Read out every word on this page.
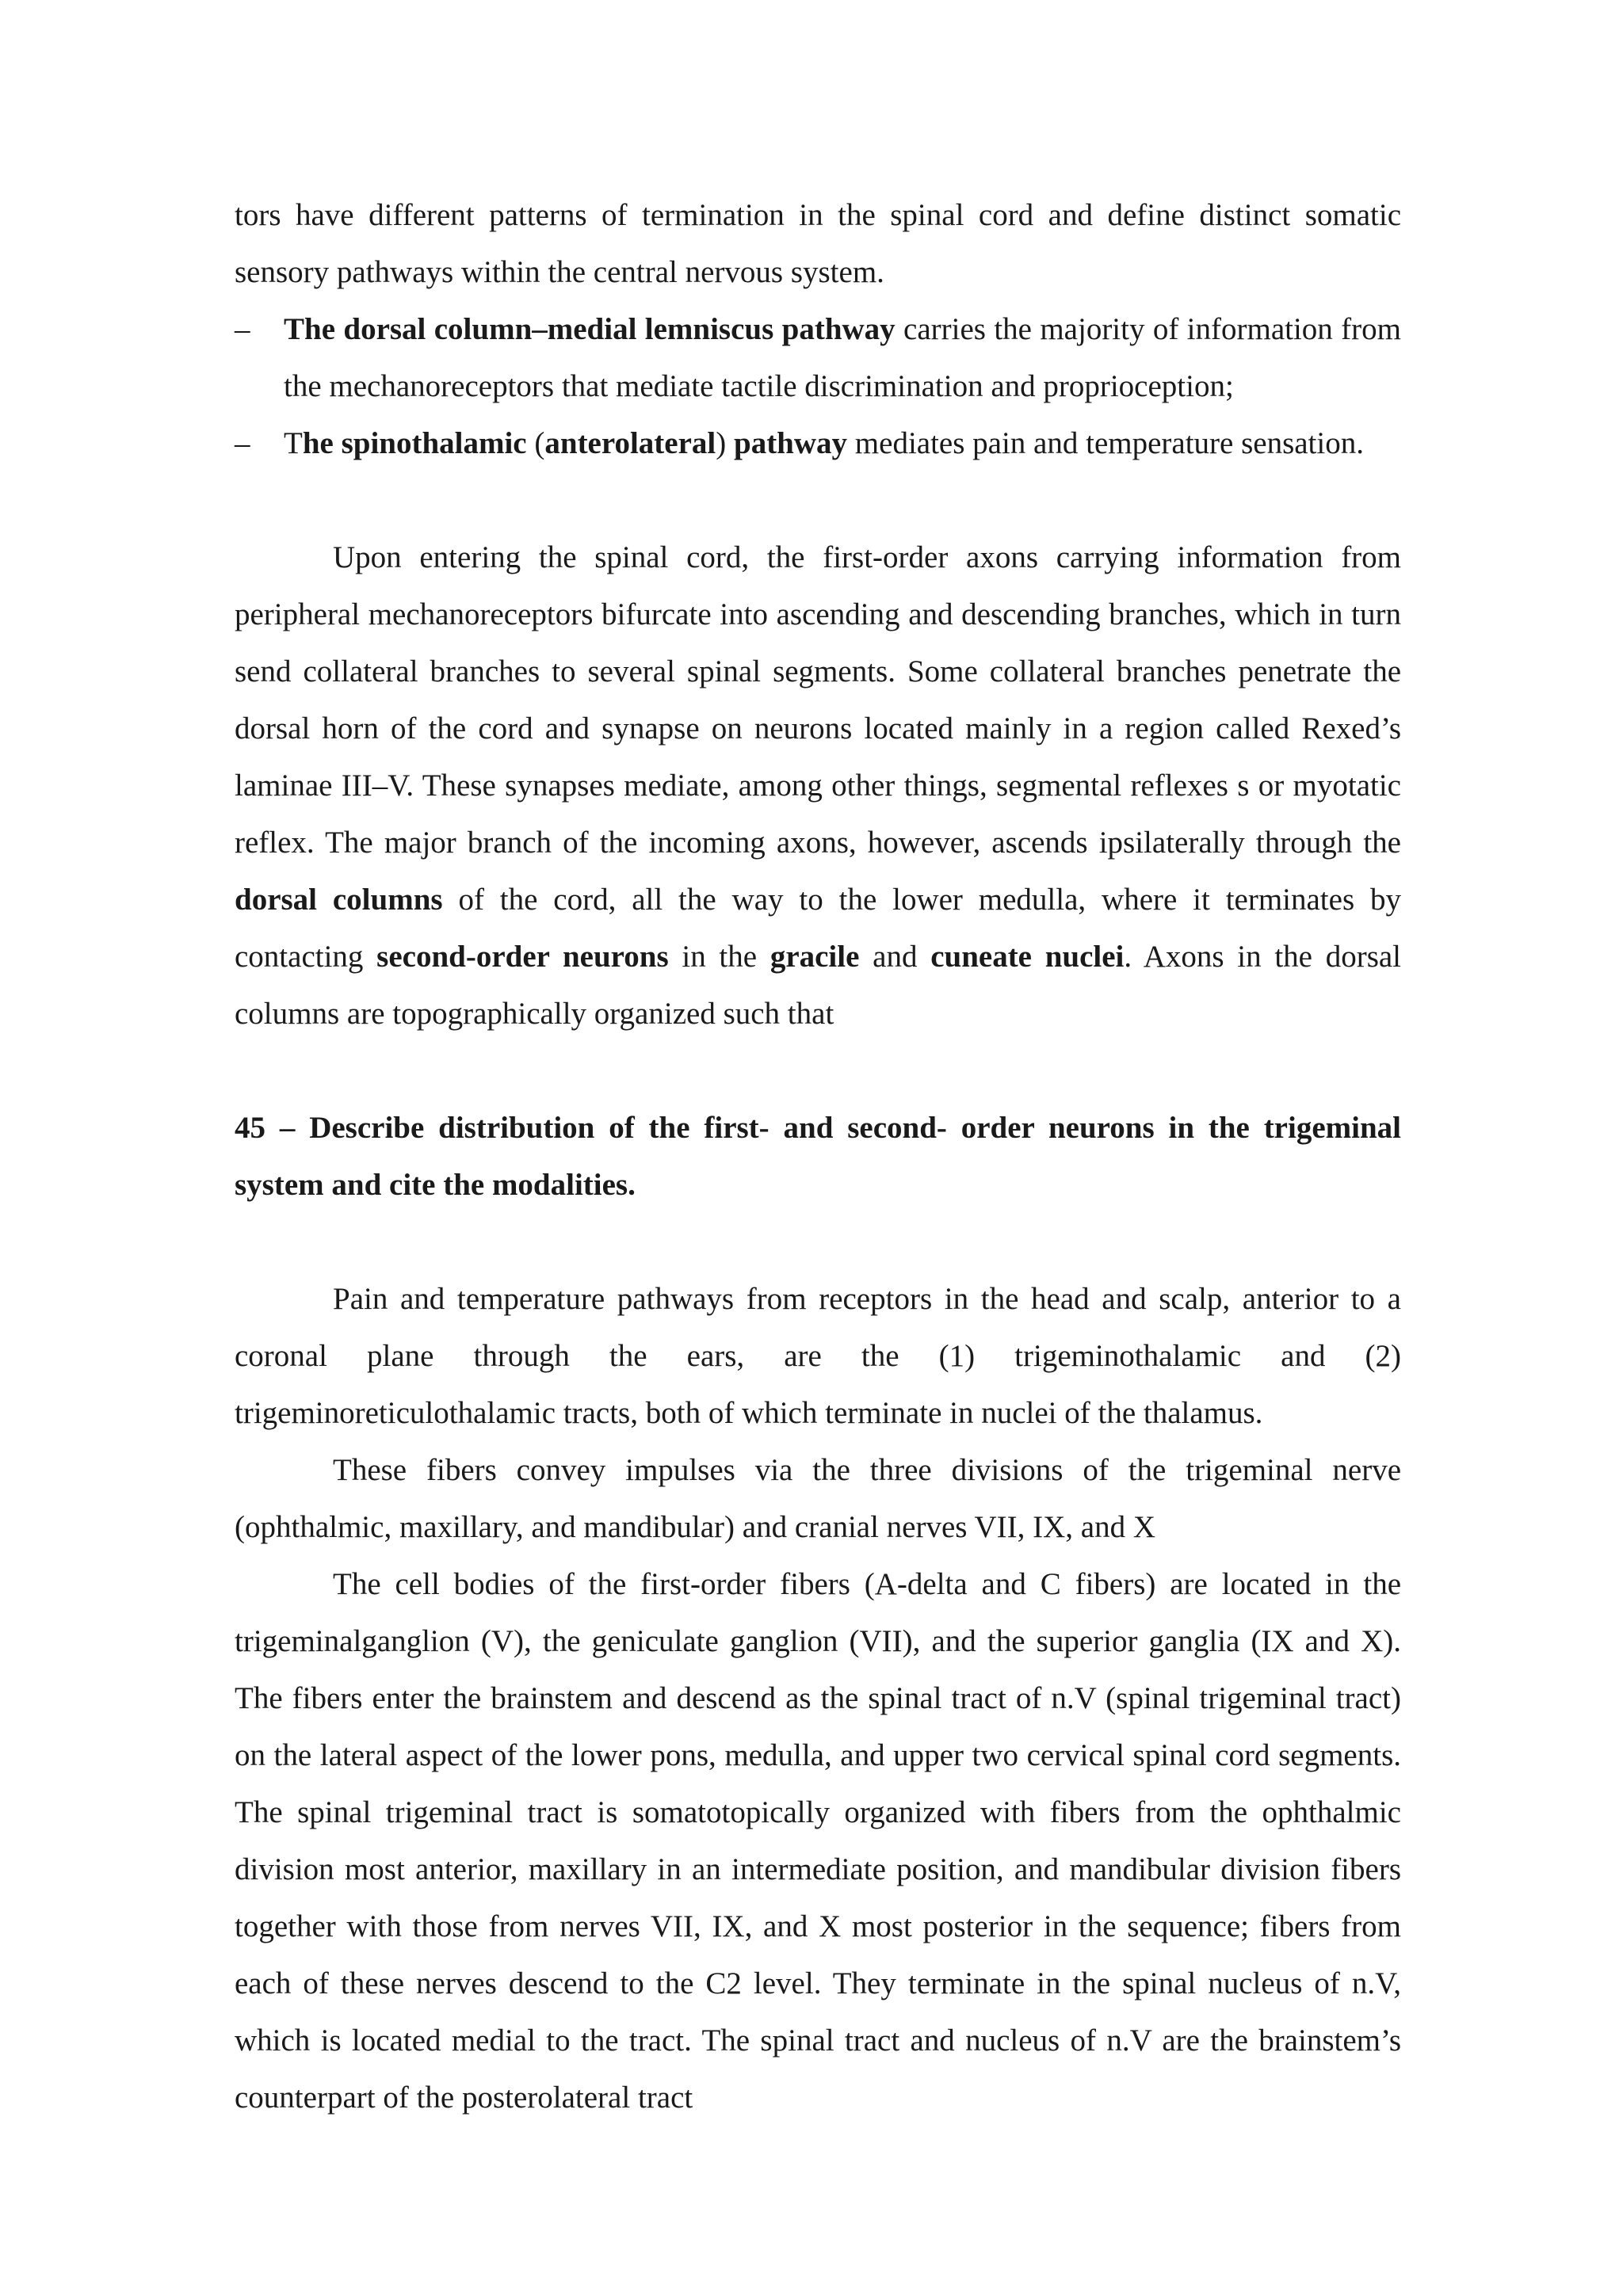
tors have different patterns of termination in the spinal cord and define distinct somatic sensory pathways within the central nervous system.

– The dorsal column–medial lemniscus pathway carries the majority of information from the mechanoreceptors that mediate tactile discrimination and proprioception;
– The spinothalamic (anterolateral) pathway mediates pain and temperature sensation.

Upon entering the spinal cord, the first-order axons carrying information from peripheral mechanoreceptors bifurcate into ascending and descending branches, which in turn send collateral branches to several spinal segments. Some collateral branches penetrate the dorsal horn of the cord and synapse on neurons located mainly in a region called Rexed’s laminae III–V. These synapses mediate, among other things, segmental reflexes s or myotatic reflex. The major branch of the incoming axons, however, ascends ipsilaterally through the dorsal columns of the cord, all the way to the lower medulla, where it terminates by contacting second-order neurons in the gracile and cuneate nuclei. Axons in the dorsal columns are topographically organized such that

45 – Describe distribution of the first- and second- order neurons in the trigeminal system and cite the modalities.

Pain and temperature pathways from receptors in the head and scalp, anterior to a coronal plane through the ears, are the (1) trigeminothalamic and (2) trigeminoreticulothalamic tracts, both of which terminate in nuclei of the thalamus.

These fibers convey impulses via the three divisions of the trigeminal nerve (ophthalmic, maxillary, and mandibular) and cranial nerves VII, IX, and X

The cell bodies of the first-order fibers (A-delta and C fibers) are located in the trigeminalganglion (V), the geniculate ganglion (VII), and the superior ganglia (IX and X). The fibers enter the brainstem and descend as the spinal tract of n.V (spinal trigeminal tract) on the lateral aspect of the lower pons, medulla, and upper two cervical spinal cord segments. The spinal trigeminal tract is somatotopically organized with fibers from the ophthalmic division most anterior, maxillary in an intermediate position, and mandibular division fibers together with those from nerves VII, IX, and X most posterior in the sequence; fibers from each of these nerves descend to the C2 level. They terminate in the spinal nucleus of n.V, which is located medial to the tract. The spinal tract and nucleus of n.V are the brainstem’s counterpart of the posterolateral tract
